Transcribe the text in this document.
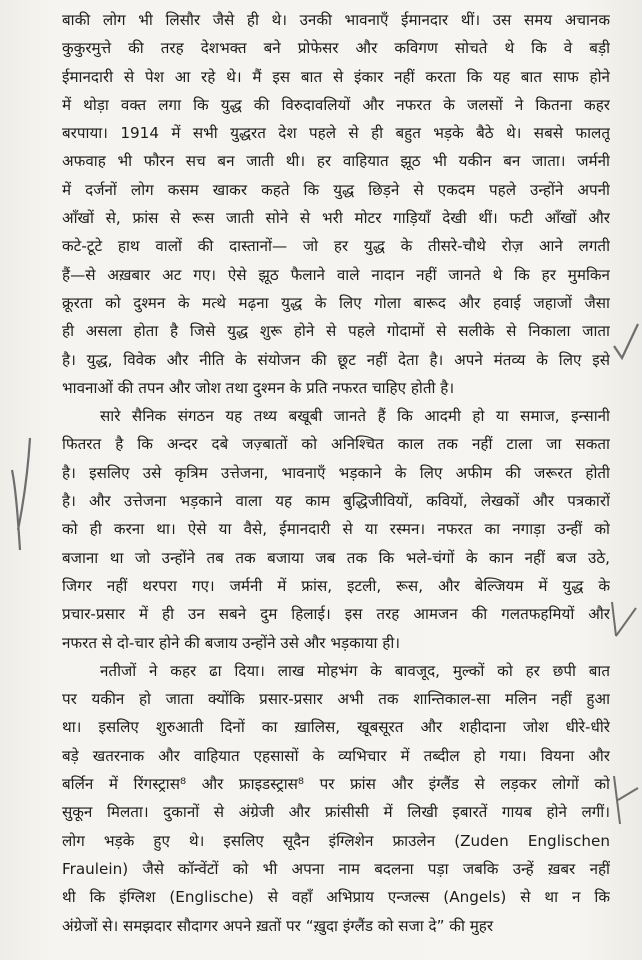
बाकी लोग भी लिसौर जैसे ही थे। उनकी भावनाएँ ईमानदार थीं। उस समय अचानक
कुकुरमुत्ते की तरह देशभक्त बने प्रोफेसर और कविगण सोचते थे कि वे बड़ी
ईमानदारी से पेश आ रहे थे। मैं इस बात से इंकार नहीं करता कि यह बात साफ होने
में थोड़ा वक्त लगा कि युद्ध की विरुदावलियों और नफरत के जलसों ने कितना कहर
बरपाया। 1914 में सभी युद्धरत देश पहले से ही बहुत भड़के बैठे थे। सबसे फालतू
अफवाह भी फौरन सच बन जाती थी। हर वाहियात झूठ भी यकीन बन जाता। जर्मनी
में दर्जनों लोग कसम खाकर कहते कि युद्ध छिड़ने से एकदम पहले उन्होंने अपनी
आँखों से, फ्रांस से रूस जाती सोने से भरी मोटर गाड़ियाँ देखी थीं। फटी आँखों और
कटे-टूटे हाथ वालों की दास्तानों— जो हर युद्ध के तीसरे-चौथे रोज़ आने लगती
हैं—से अख़बार अट गए। ऐसे झूठ फैलाने वाले नादान नहीं जानते थे कि हर मुमकिन
क्रूरता को दुश्मन के मत्थे मढ़ना युद्ध के लिए गोला बारूद और हवाई जहाजों जैसा
ही असला होता है जिसे युद्ध शुरू होने से पहले गोदामों से सलीके से निकाला जाता
है। युद्ध, विवेक और नीति के संयोजन की छूट नहीं देता है। अपने मंतव्य के लिए इसे
भावनाओं की तपन और जोश तथा दुश्मन के प्रति नफरत चाहिए होती है।
सारे सैनिक संगठन यह तथ्य बखूबी जानते हैं कि आदमी हो या समाज, इन्सानी
फितरत है कि अन्दर दबे जज़्बातों को अनिश्चित काल तक नहीं टाला जा सकता
है। इसलिए उसे कृत्रिम उत्तेजना, भावनाएँ भड़काने के लिए अफीम की जरूरत होती
है। और उत्तेजना भड़काने वाला यह काम बुद्धिजीवियों, कवियों, लेखकों और पत्रकारों
को ही करना था। ऐसे या वैसे, ईमानदारी से या रस्मन। नफरत का नगाड़ा उन्हीं को
बजाना था जो उन्होंने तब तक बजाया जब तक कि भले-चंगों के कान नहीं बज उठे,
जिगर नहीं थरपरा गए। जर्मनी में फ्रांस, इटली, रूस, और बेल्जियम में युद्ध के
प्रचार-प्रसार में ही उन सबने दुम हिलाई। इस तरह आमजन की गलतफहमियों और
नफरत से दो-चार होने की बजाय उन्होंने उसे और भड़काया ही।
नतीजों ने कहर ढा दिया। लाख मोहभंग के बावजूद, मुल्कों को हर छपी बात
पर यकीन हो जाता क्योंकि प्रसार-प्रसार अभी तक शान्तिकाल-सा मलिन नहीं हुआ
था। इसलिए शुरुआती दिनों का ख़ालिस, खूबसूरत और शहीदाना जोश धीरे-धीरे
बड़े खतरनाक और वाहियात एहसासों के व्यभिचार में तब्दील हो गया। वियना और
बर्लिन में रिंगस्ट्रास⁸ और फ्राइडस्ट्रास⁸ पर फ्रांस और इंग्लैंड से लड़कर लोगों को
सुकून मिलता। दुकानों से अंग्रेजी और फ्रांसीसी में लिखी इबारतें गायब होने लगीं।
लोग भड़के हुए थे। इसलिए सूदैन इंग्लिशेन फ्राउलेन (Zuden Englischen
Fraulein) जैसे कॉन्वेंटों को भी अपना नाम बदलना पड़ा जबकि उन्हें ख़बर नहीं
थी कि इंग्लिश (Englische) से वहाँ अभिप्राय एन्जल्स (Angels) से था न कि
अंग्रेजों से। समझदार सौदागर अपने ख़तों पर “ख़ुदा इंग्लैंड को सजा दे” की मुहर
